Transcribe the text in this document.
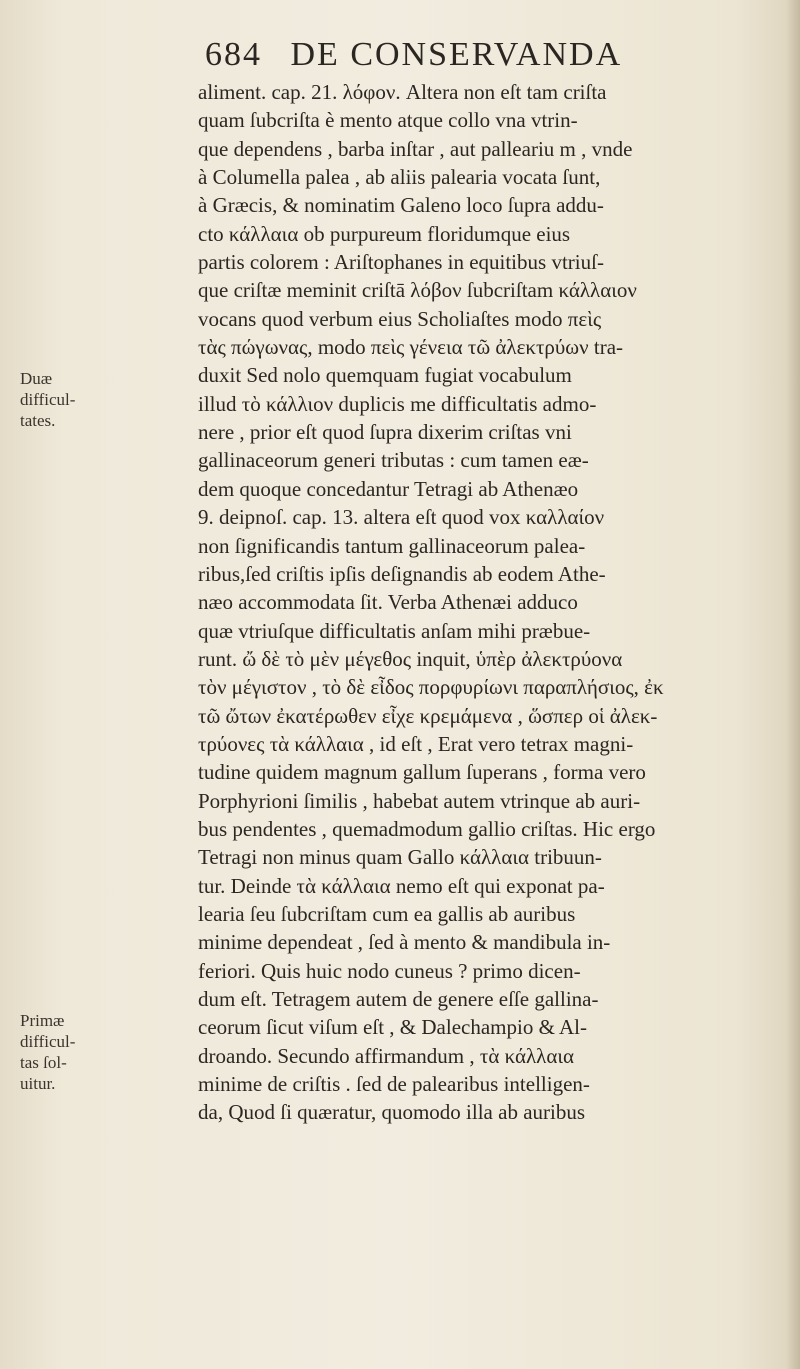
684 DE CONSERVANDA
aliment. cap. 21. λόφον. Altera non eſt tam criſta
quam ſubcriſta è mento atque collo vna vtrin-
que dependens , barba inſtar , aut palleariu m , vnde
à Columella palea , ab aliis palearia vocata ſunt,
à Græcis, & nominatim Galeno loco ſupra addu-
cto κάλλαια ob purpureum floridumque eius
partis colorem : Ariſtophanes in equitibus vtriuſ-
que criſtæ meminit criſtā λόβον ſubcriſtam κάλλαιον
vocans quod verbum eius Scholiaſtes modo πεὶς
τὰς πώγωνας, modo πεὶς γένεια τῶ ἀλεκτρύων tra-
duxit Sed nolo quemquam fugiat vocabulum
illud τὸ κάλλιον duplicis me difficultatis admo-
nere , prior eſt quod ſupra dixerim criſtas vni
gallinaceorum generi tributas : cum tamen eæ-
dem quoque concedantur Tetragi ab Athenæo
9. deipnoſ. cap. 13. altera eſt quod vox καλλαίον
non ſignificandis tantum gallinaceorum palea-
ribus,ſed criſtis ipſis deſignandis ab eodem Athe-
næo accommodata ſit. Verba Athenæi adduco
quæ vtriuſque difficultatis anſam mihi præbue-
runt. ὤ δὲ τὸ μὲν μέγεθος inquit, ὑπὲρ ἀλεκτρύονα
τὸν μέγιστον , τὸ δὲ εἶδος πορφυρίωνι παραπλήσιος, ἐκ
τῶ ὤτων ἐκατέρωθεν εἶχε κρεμάμενα , ὥσπερ οἱ ἀλεκ-
τρύονες τὰ κάλλαια , id eſt , Erat vero tetrax magni-
tudine quidem magnum gallum ſuperans , forma vero
Porphyrioni ſimilis , habebat autem vtrinque ab auri-
bus pendentes , quemadmodum gallio criſtas. Hic ergo
Tetragi non minus quam Gallo κάλλαια tribuun-
tur. Deinde τὰ κάλλαια nemo eſt qui exponat pa-
learia ſeu ſubcriſtam cum ea gallis ab auribus
minime dependeat , ſed à mento & mandibula in-
feriori. Quis huic nodo cuneus ? primo dicen-
dum eſt. Tetragem autem de genere eſſe gallina-
ceorum ſicut viſum eſt , & Dalechampio & Al-
droando. Secundo affirmandum , τὰ κάλλαια
minime de criſtis . ſed de palearibus intelligen-
da, Quod ſi quæratur, quomodo illa ab auribus
Duæ
difficul-
tates.
Primæ
difficul-
tas ſol-
uitur.
